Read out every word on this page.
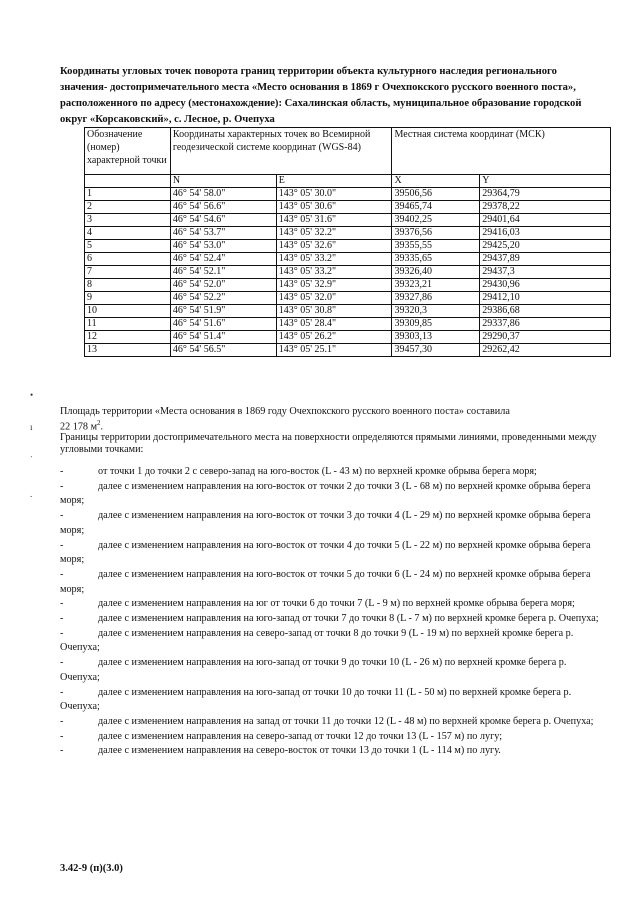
Координаты угловых точек поворота границ территории объекта культурного наследия регионального значения- достопримечательного места «Место основания в 1869 г Очехпокского русского военного поста», расположенного по адресу (местонахождение): Сахалинская область, муниципальное образование городской округ «Корсаковский», с. Лесное, р. Очепуха
Обозначение (номер) характерной точки	Координаты характерных точек во Всемирной геодезической системе координат (WGS-84)		Местная система координат (МСК)	
	N	E	X	Y
1	46° 54' 58.0"	143° 05' 30.0"	39506,56	29364,79
2	46° 54' 56.6"	143° 05' 30.6"	39465,74	29378,22
3	46° 54' 54.6"	143° 05' 31.6"	39402,25	29401,64
4	46° 54' 53.7"	143° 05' 32.2"	39376,56	29416,03
5	46° 54' 53.0"	143° 05' 32.6"	39355,55	29425,20
6	46° 54' 52.4"	143° 05' 33.2"	39335,65	29437,89
7	46° 54' 52.1"	143° 05' 33.2"	39326,40	29437,3
8	46° 54' 52.0"	143° 05' 32.9"	39323,21	29430,96
9	46° 54' 52.2"	143° 05' 32.0"	39327,86	29412,10
10	46° 54' 51.9"	143° 05' 30.8"	39320,3	29386,68
11	46° 54' 51.6"	143° 05' 28.4"	39309,85	29337,86
12	46° 54' 51.4"	143° 05' 26.2"	39303,13	29290,37
13	46° 54' 56.5"	143° 05' 25.1"	39457,30	29262,42
Площадь территории «Места основания в 1869 году Очехпокского русского военного поста» составила
22 178 $м^2$.
Границы территории достопримечательного места на поверхности определяются прямыми линиями, проведенными между угловыми точками:
-	от точки 1 до точки 2 с северо-запад на юго-восток (L - 43 м) по верхней кромке обрыва берега моря;
-	далее с изменением направления на юго-восток от точки 2 до точки 3 (L - 68 м) по верхней кромке обрыва берега моря;
-	далее с изменением направления на юго-восток от точки 3 до точки 4 (L - 29 м) по верхней кромке обрыва берега моря;
-	далее с изменением направления на юго-восток от точки 4 до точки 5 (L - 22 м) по верхней кромке обрыва берега моря;
-	далее с изменением направления на юго-восток от точки 5 до точки 6 (L - 24 м) по верхней кромке обрыва берега моря;
-	далее с изменением направления на юг от точки 6 до точки 7 (L - 9 м) по верхней кромке обрыва берега моря;
-	далее с изменением направления на юго-запад от точки 7 до точки 8 (L - 7 м) по верхней кромке берега р. Очепуха;
-	далее с изменением направления на северо-запад от точки 8 до точки 9 (L - 19 м) по верхней кромке берега р. Очепуха;
-	далее с изменением направления на юго-запад от точки 9 до точки 10 (L - 26 м) по верхней кромке берега р. Очепуха;
-	далее с изменением направления на юго-запад от точки 10 до точки 11 (L - 50 м) по верхней кромке берега р. Очепуха;
-	далее с изменением направления на запад от точки 11 до точки 12 (L - 48 м) по верхней кромке берега р. Очепуха;
-	далее с изменением направления на северо-запад от точки 12 до точки 13 (L - 157 м) по лугу;
-	далее с изменением направления на северо-восток от точки 13 до точки 1 (L - 114 м) по лугу.
3.42-9 (п)(3.0)
•
ı
ᐧ
.
